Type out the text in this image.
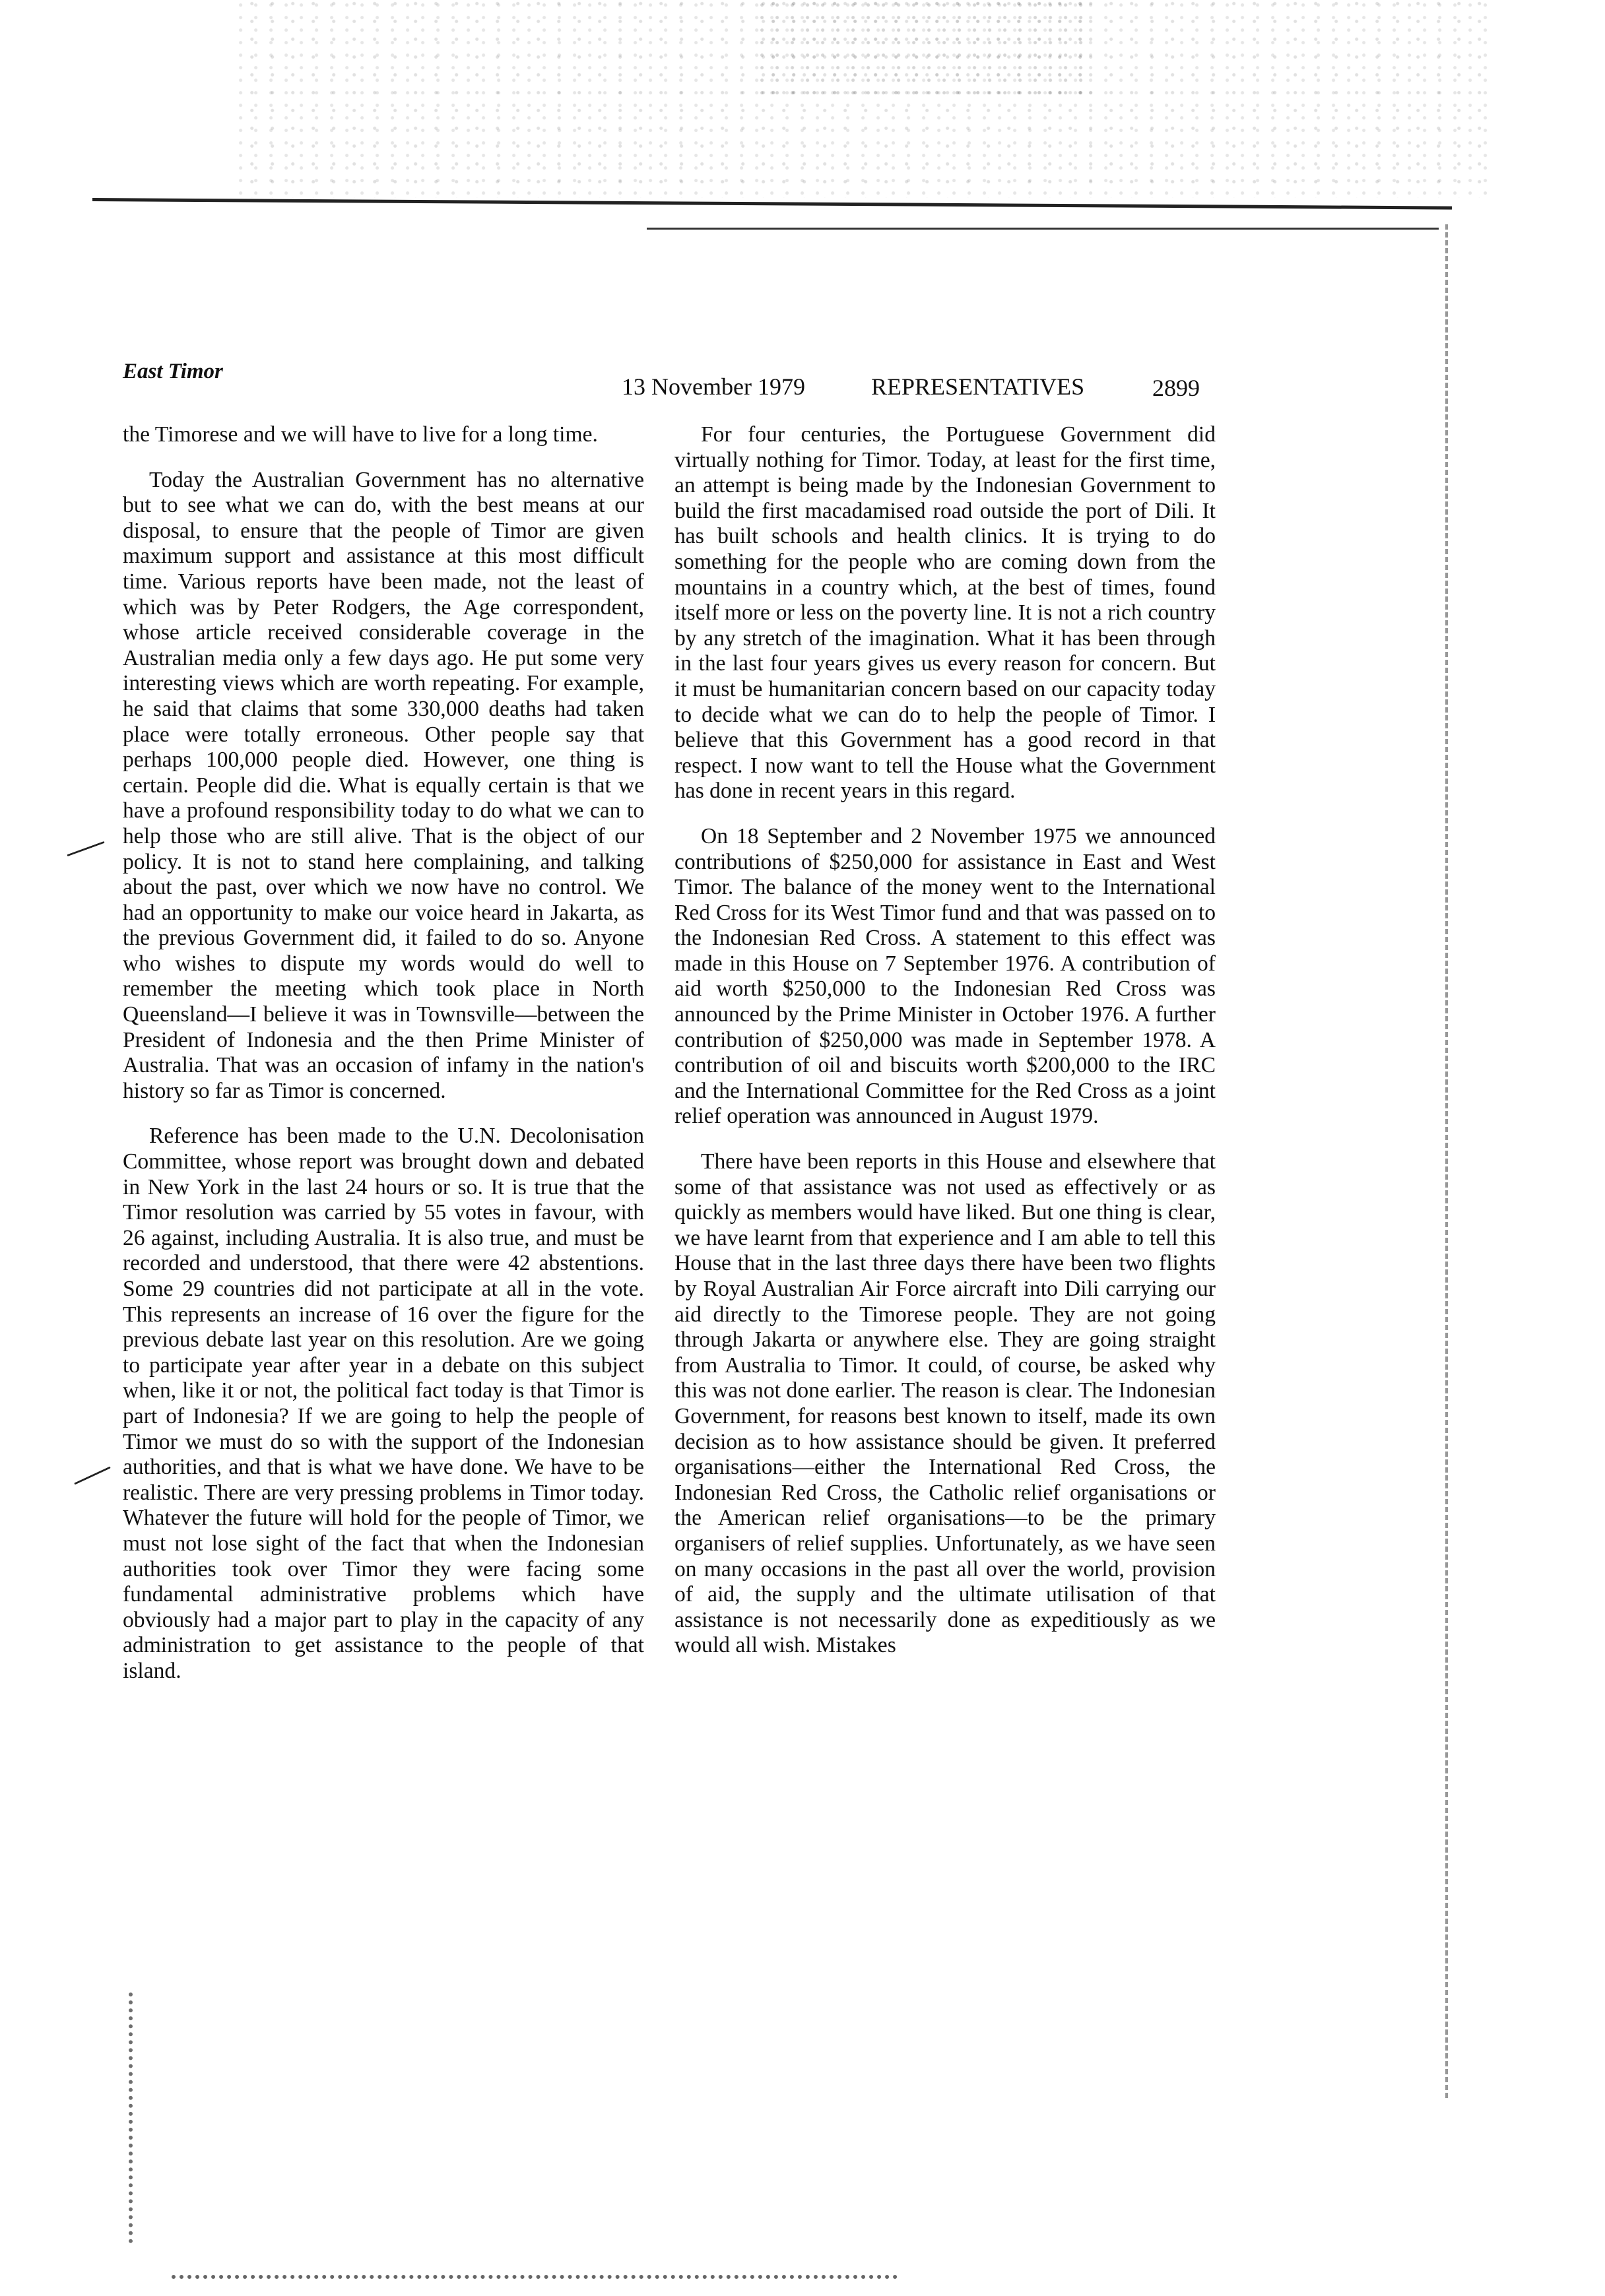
East Timor
13 November 1979	REPRESENTATIVES	2899

the Timorese and we will have to live for a long time.

Today the Australian Government has no alternative but to see what we can do, with the best means at our disposal, to ensure that the people of Timor are given maximum support and assistance at this most difficult time. Various reports have been made, not the least of which was by Peter Rodgers, the Age correspondent, whose article received considerable coverage in the Australian media only a few days ago. He put some very interesting views which are worth repeating. For example, he said that claims that some 330,000 deaths had taken place were totally erroneous. Other people say that perhaps 100,000 people died. However, one thing is certain. People did die. What is equally certain is that we have a profound responsibility today to do what we can to help those who are still alive. That is the object of our policy. It is not to stand here complaining, and talking about the past, over which we now have no control. We had an opportunity to make our voice heard in Jakarta, as the previous Government did, it failed to do so. Anyone who wishes to dispute my words would do well to remember the meeting which took place in North Queensland—I believe it was in Townsville—between the President of Indonesia and the then Prime Minister of Australia. That was an occasion of infamy in the nation's history so far as Timor is concerned.

Reference has been made to the U.N. Decolonisation Committee, whose report was brought down and debated in New York in the last 24 hours or so. It is true that the Timor resolution was carried by 55 votes in favour, with 26 against, including Australia. It is also true, and must be recorded and understood, that there were 42 abstentions. Some 29 countries did not participate at all in the vote. This represents an increase of 16 over the figure for the previous debate last year on this resolution. Are we going to participate year after year in a debate on this subject when, like it or not, the political fact today is that Timor is part of Indonesia? If we are going to help the people of Timor we must do so with the support of the Indonesian authorities, and that is what we have done. We have to be realistic. There are very pressing problems in Timor today. Whatever the future will hold for the people of Timor, we must not lose sight of the fact that when the Indonesian authorities took over Timor they were facing some fundamental administrative problems which have obviously had a major part to play in the capacity of any administration to get assistance to the people of that island.

For four centuries, the Portuguese Government did virtually nothing for Timor. Today, at least for the first time, an attempt is being made by the Indonesian Government to build the first macadamised road outside the port of Dili. It has built schools and health clinics. It is trying to do something for the people who are coming down from the mountains in a country which, at the best of times, found itself more or less on the poverty line. It is not a rich country by any stretch of the imagination. What it has been through in the last four years gives us every reason for concern. But it must be humanitarian concern based on our capacity today to decide what we can do to help the people of Timor. I believe that this Government has a good record in that respect. I now want to tell the House what the Government has done in recent years in this regard.

On 18 September and 2 November 1975 we announced contributions of $250,000 for assistance in East and West Timor. The balance of the money went to the International Red Cross for its West Timor fund and that was passed on to the Indonesian Red Cross. A statement to this effect was made in this House on 7 September 1976. A contribution of aid worth $250,000 to the Indonesian Red Cross was announced by the Prime Minister in October 1976. A further contribution of $250,000 was made in September 1978. A contribution of oil and biscuits worth $200,000 to the IRC and the International Committee for the Red Cross as a joint relief operation was announced in August 1979.

There have been reports in this House and elsewhere that some of that assistance was not used as effectively or as quickly as members would have liked. But one thing is clear, we have learnt from that experience and I am able to tell this House that in the last three days there have been two flights by Royal Australian Air Force aircraft into Dili carrying our aid directly to the Timorese people. They are not going through Jakarta or anywhere else. They are going straight from Australia to Timor. It could, of course, be asked why this was not done earlier. The reason is clear. The Indonesian Government, for reasons best known to itself, made its own decision as to how assistance should be given. It preferred organisations—either the International Red Cross, the Indonesian Red Cross, the Catholic relief organisations or the American relief organisations—to be the primary organisers of relief supplies. Unfortunately, as we have seen on many occasions in the past all over the world, provision of aid, the supply and the ultimate utilisation of that assistance is not necessarily done as expeditiously as we would all wish. Mistakes
